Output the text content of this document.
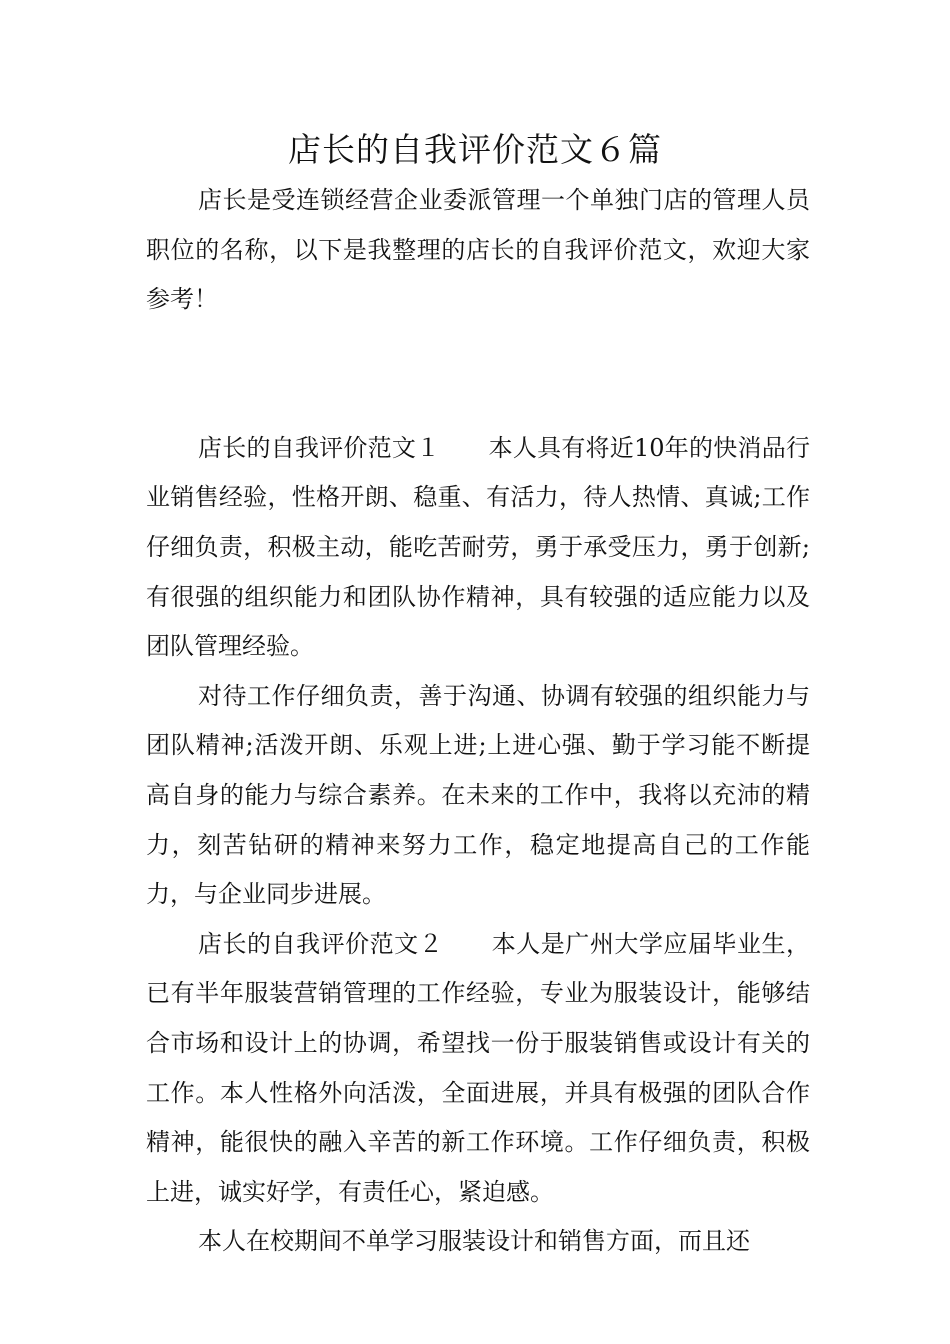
店长的自我评价范文６篇

店长是受连锁经营企业委派管理一个单独门店的管理人员职位的名称，以下是我整理的店长的自我评价范文，欢迎大家参考！

店长的自我评价范文１ 本人具有将近10年的快消品行业销售经验，性格开朗、稳重、有活力，待人热情、真诚;工作仔细负责，积极主动，能吃苦耐劳，勇于承受压力，勇于创新;有很强的组织能力和团队协作精神，具有较强的适应能力以及团队管理经验。

对待工作仔细负责，善于沟通、协调有较强的组织能力与团队精神;活泼开朗、乐观上进;上进心强、勤于学习能不断提高自身的能力与综合素养。在未来的工作中，我将以充沛的精力，刻苦钻研的精神来努力工作，稳定地提高自己的工作能力，与企业同步进展。

店长的自我评价范文２ 本人是广州大学应届毕业生，已有半年服装营销管理的工作经验，专业为服装设计，能够结合市场和设计上的协调，希望找一份于服装销售或设计有关的工作。本人性格外向活泼，全面进展，并具有极强的团队合作精神，能很快的融入辛苦的新工作环境。工作仔细负责，积极上进，诚实好学，有责任心，紧迫感。

本人在校期间不单学习服装设计和销售方面，而且还
